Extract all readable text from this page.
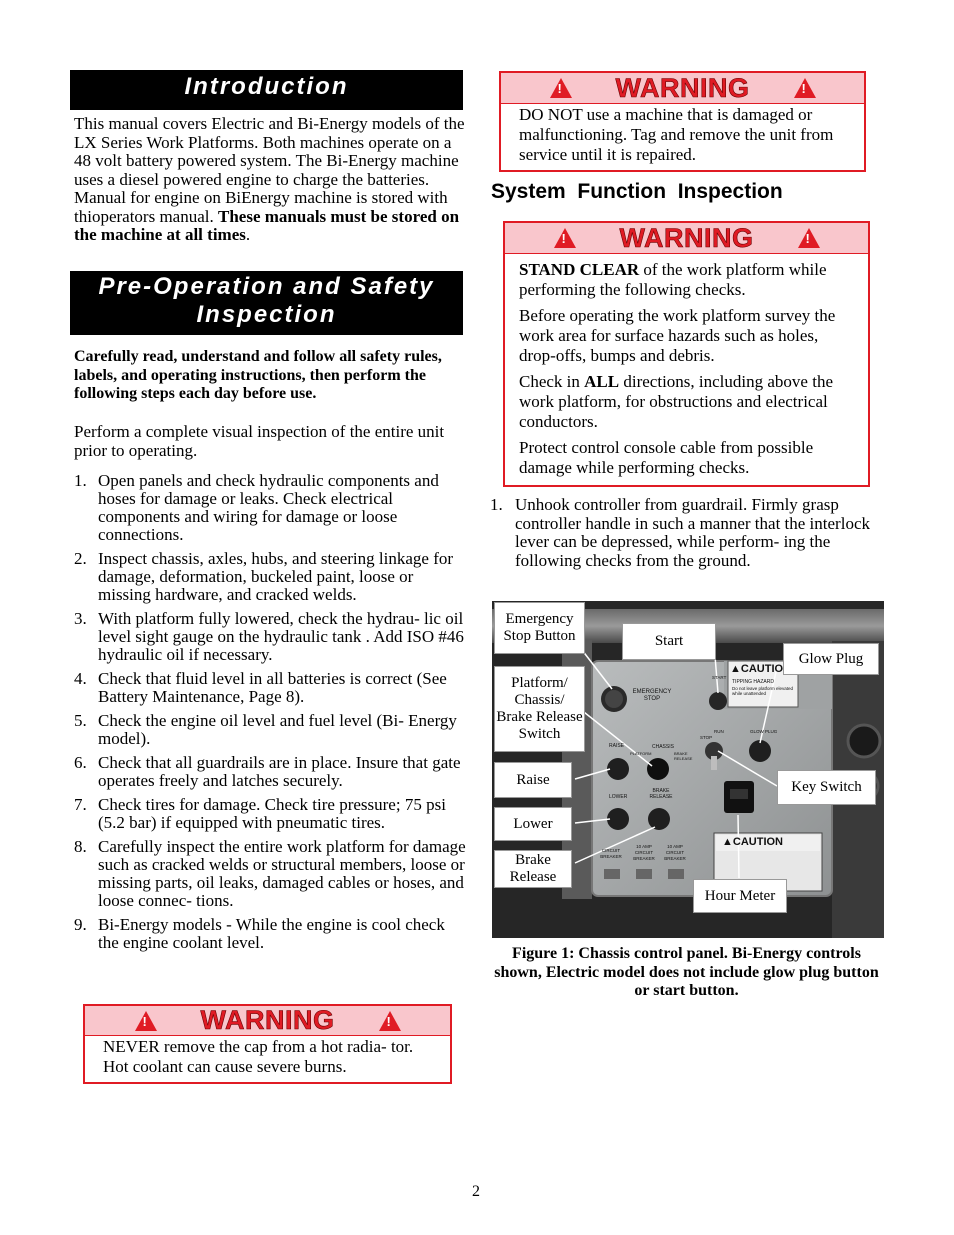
Introduction
This manual covers Electric and Bi-Energy models of the LX Series Work Platforms. Both machines operate on a 48 volt battery powered system. The Bi-Energy machine uses a diesel powered engine to charge the batteries. Manual for engine on BiEnergy machine is stored with thioperators manual. These manuals must be stored on the machine at all times.
Pre-Operation and Safety
Inspection
Carefully read, understand and follow all safety rules, labels, and operating instructions, then perform the following steps each day before use.
Perform a complete visual inspection of the entire unit prior to operating.
1. Open panels and check hydraulic components and hoses for damage or leaks. Check electrical components and wiring for damage or loose connections.
2. Inspect chassis, axles, hubs, and steering linkage for damage, deformation, buckeled paint, loose or missing hardware, and cracked welds.
3. With platform fully lowered, check the hydrau- lic oil level sight gauge on the hydraulic tank . Add ISO #46 hydraulic oil if necessary.
4. Check that fluid level in all batteries is correct (See Battery Maintenance, Page 8).
5. Check the engine oil level and fuel level (Bi- Energy model).
6. Check that all guardrails are in place. Insure that gate operates freely and latches securely.
7. Check tires for damage. Check tire pressure; 75 psi (5.2 bar) if equipped with pneumatic tires.
8. Carefully inspect the entire work platform for damage such as cracked welds or structural members, loose or missing parts, oil leaks, damaged cables or hoses, and loose connec- tions.
9. Bi-Energy models - While the engine is cool check the engine coolant level.
! WARNING	!
NEVER remove the cap from a hot radia- tor. Hot coolant can cause severe burns.
! WARNING	!
DO NOT use a machine that is damaged or malfunctioning. Tag and remove the unit from service until it is repaired.
System  Function  Inspection
! WARNING	!

STAND CLEAR of the work platform while performing the following checks.

Before operating the work platform survey the work area for surface hazards such as holes, drop-offs, bumps and debris.

Check in ALL directions, including above the work platform, for obstructions and electrical conductors.

Protect control console cable from possible damage while performing checks.

1. Unhook controller from guardrail. Firmly grasp controller handle in such a manner that the interlock lever can be depressed, while perform- ing the following checks from the ground.
EMERGENCY STOP
RAISE
PLATFORM
CHASSIS
BRAKE RELEASE
LOWER
BRAKE RELEASE
CIRCUIT BREAKER
10 AMP CIRCUIT BREAKER
10 AMP CIRCUIT BREAKER
START
RUN
STOP
GLOW PLUG
▲CAUTIO
TIPPING HAZARD
Do not leave platform elevated while unattended
▲CAUTION
Emergency Stop Button	Start
Glow Plug
Platform/ Chassis/ Brake Release Switch
Raise	Key Switch
Lower
Brake Release
Hour Meter
Figure 1: Chassis control panel. Bi-Energy controls shown, Electric model does not include glow plug button or start button.
2
